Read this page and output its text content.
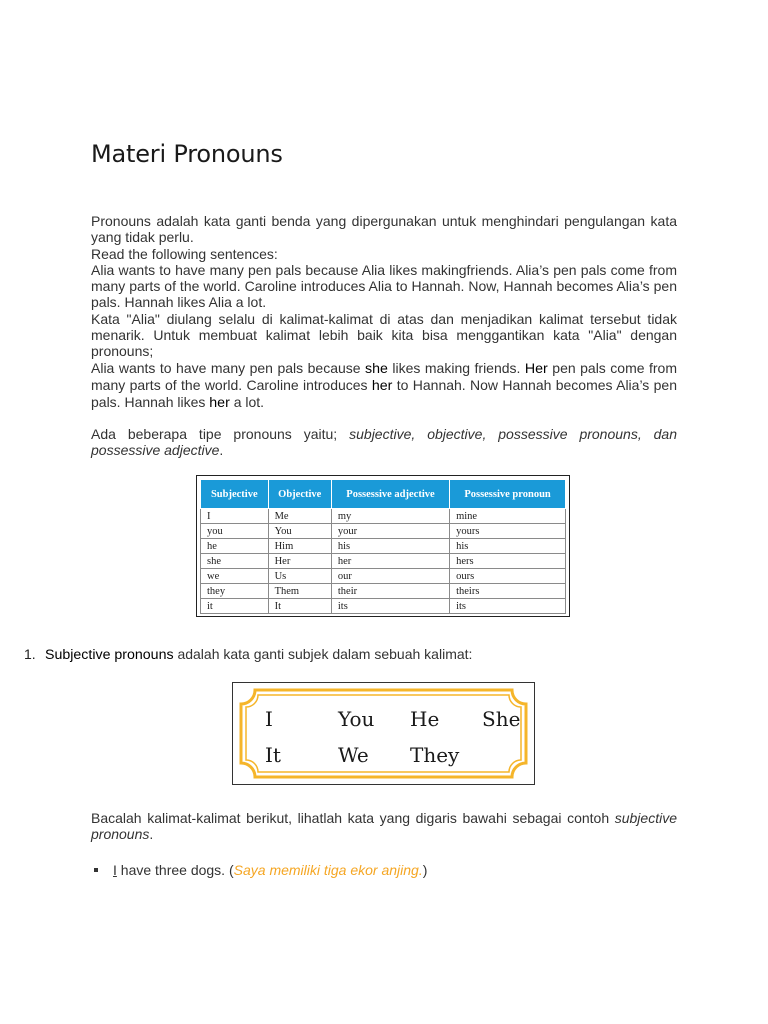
Materi Pronouns

Pronouns adalah kata ganti benda yang dipergunakan untuk menghindari pengulangan kata yang tidak perlu.

Read the following sentences:

Alia wants to have many pen pals because Alia likes makingfriends. Alia’s pen pals come from many parts of the world. Caroline introduces Alia to Hannah. Now, Hannah becomes Alia’s pen pals. Hannah likes Alia a lot.

Kata "Alia" diulang selalu di kalimat-kalimat di atas dan menjadikan kalimat tersebut tidak menarik. Untuk membuat kalimat lebih baik kita bisa menggantikan kata "Alia" dengan pronouns;

Alia wants to have many pen pals because she likes making friends. Her pen pals come from many parts of the world. Caroline introduces her to Hannah. Now Hannah becomes Alia’s pen pals. Hannah likes her a lot.

Ada beberapa tipe pronouns yaitu; subjective, objective, possessive pronouns, dan possessive adjective.

Subjective	Objective	Possessive adjective	Possessive pronoun
I	Me	my	mine
you	You	your	yours
he	Him	his	his
she	Her	her	hers
we	Us	our	ours
they	Them	their	theirs
it	It	its	its
1. Subjective pronouns adalah kata ganti subjek dalam sebuah kalimat:
I	You He She
It	We They

Bacalah kalimat-kalimat berikut, lihatlah kata yang digaris bawahi sebagai contoh subjective pronouns.

I have three dogs. (Saya memiliki tiga ekor anjing.)
